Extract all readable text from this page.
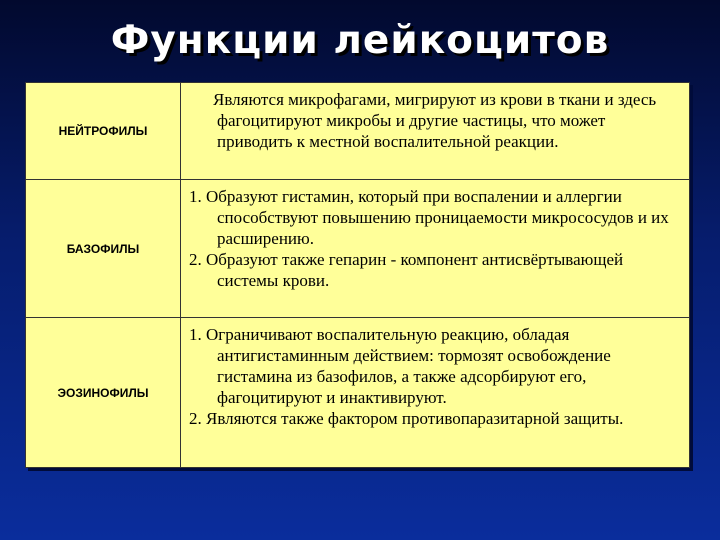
Функции лейкоцитов
НЕЙТРОФИЛЫ	Являются микрофагами, мигрируют из крови в ткани и здесь фагоцитируют микробы и другие частицы, что может приводить к местной воспалительной реакции.

БАЗОФИЛЫ	1. Образуют гистамин, который при воспалении и аллергии способствуют повышению проницаемости микрососудов и их расширению.
2. Образуют также гепарин - компонент антисвёртывающей системы крови.

ЭОЗИНОФИЛЫ	1. Ограничивают воспалительную реакцию, обладая антигистаминным действием: тормозят освобождение гистамина из базофилов, а также адсорбируют его, фагоцитируют и инактивируют.
2. Являются также фактором противопаразитарной защиты.
